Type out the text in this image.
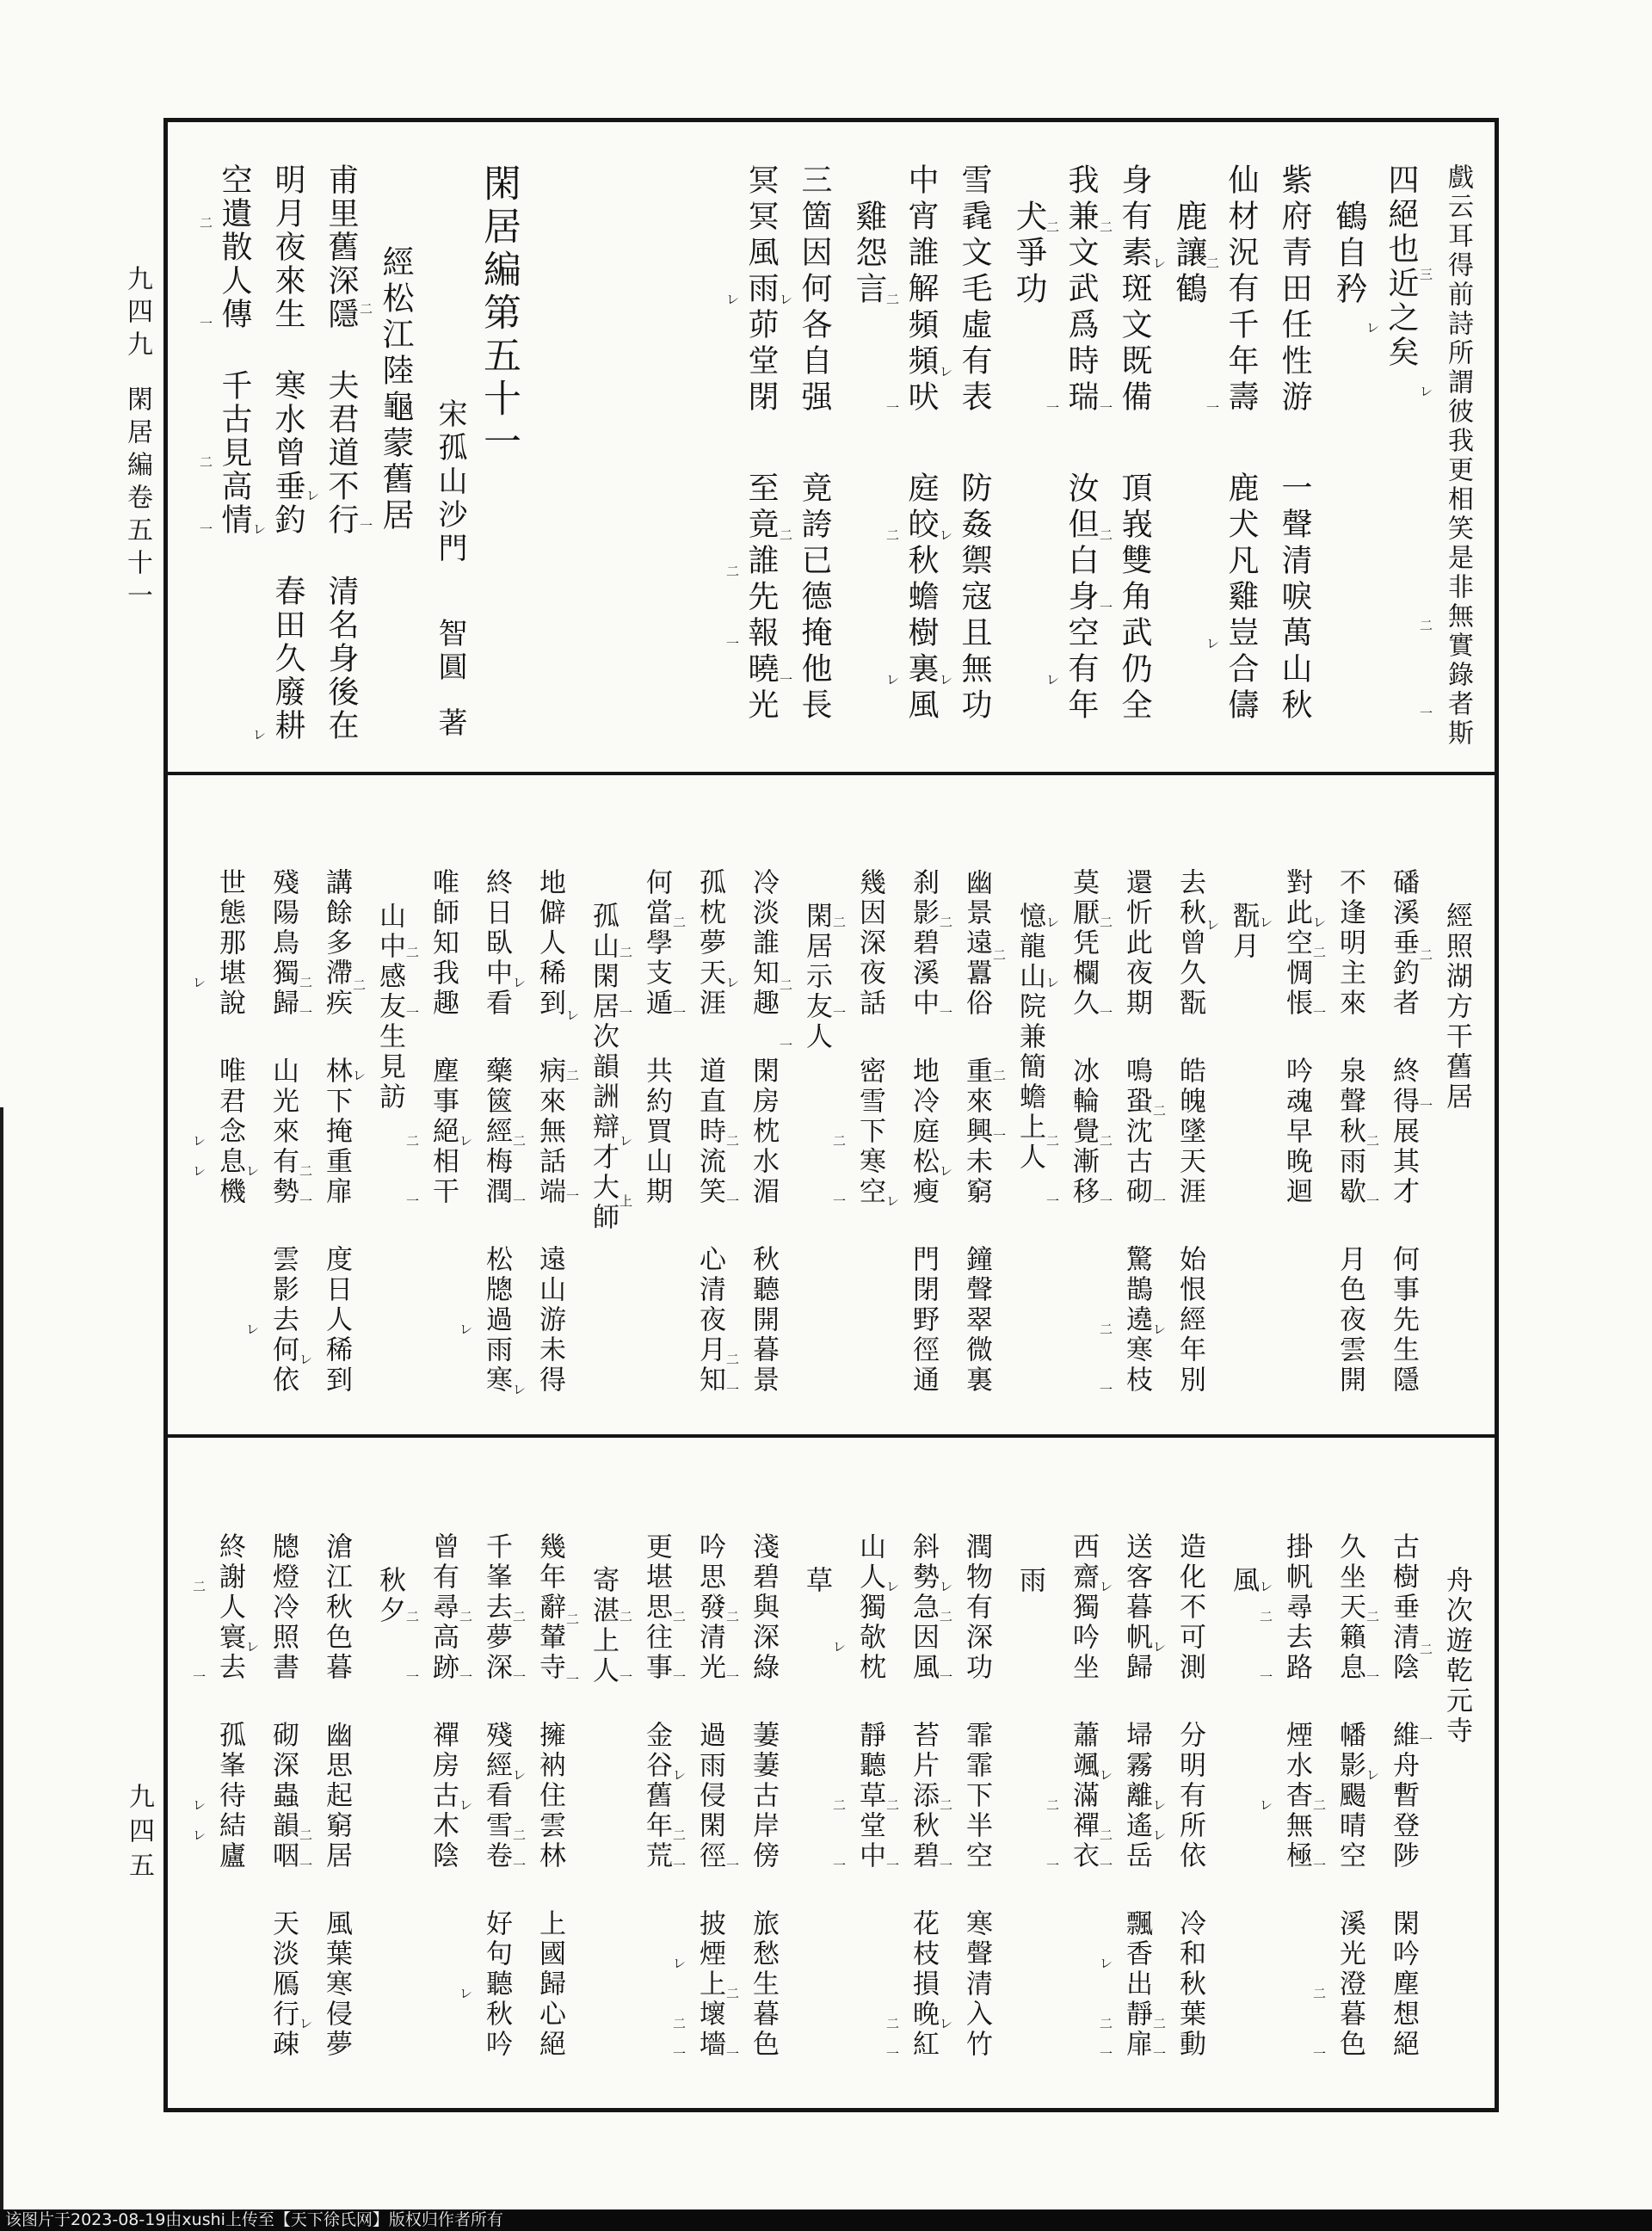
九四九閑居編卷五十一
九四五
戲云耳得前詩所謂彼我更相笑是非無實錄者斯
三
レ
二
一
四絕也近之矣
レ
鶴自矜
紫府青田任性游一聲清唳萬山秋
仙材況有千年壽鹿犬凡雞豈合儔
二
一
レ
鹿讓鶴
レ
身有素斑文既備頂峩雙角武仍全
二
一
二
一
我兼文武爲時瑞汝但白身空有年
二
一
レ
犬爭功
雪毳文毛虛有表防姦禦寇且無功
レ
レ
レ
中宵誰解頻頻吠庭皎秋蟾樹裏風
二
一
二
レ
雞怨言
三箇因何各自强竟誇已德掩他長
レ
二
一
冥冥風雨茆堂閉至竟誰先報曉光
レ
二
一
閑居編第五十一
宋孤山沙門智圓著
經松江陸龜蒙舊居
二
一
甫里舊深隱夫君道不行清名身後在
レ
明月夜來生寒水曾垂釣春田久廢耕
レ
レ
空遺散人傳千古見高情
二
一
二
一
經照湖方干舊居
二
一
磻溪垂釣者終得展其才何事先生隱
二
一
不逢明主來泉聲秋雨歇月色夜雲開
レ
二
一
對此空惆悵吟魂早晚迴
レ
翫月
レ
去秋曾久翫皓魄墜天涯始恨經年別
二
一
レ
還忻此夜期鳴蛩沈古砌驚鵲遶寒枝
二
一
二
一
二
一
莫厭凭欄久冰輪覺漸移
レ
レ
二
一
憶龍山院兼簡蟾上人
二
二
一
幽景遠囂俗重來興未窮鐘聲翠微裏
二
一
レ
刹影碧溪中地冷庭松瘦門閉野徑通
レ
幾因深夜話密雪下寒空
二
一
二
一
閑居示友人
二
一
冷淡誰知趣閑房枕水湄秋聽開暮景
レ
二
一
二
一
孤枕夢天涯道直時流笑心清夜月知
二
一
何當學支遁共約買山期
二
一
レ
上
孤山閑居次韻詶辯才大師
レ
二
一
地僻人稀到病來無話端遠山游未得
レ
二
一
レ
終日臥中看藥篋經梅潤松牕過雨寒
レ
レ
唯師知我趣塵事絕相干
二
一
二
一
山中感友生見訪
二
レ
講餘多滯疾林下掩重扉度日人稀到
二
一
二
一
レ
殘陽鳥獨歸山光來有勢雲影去何依
レ
レ
世態那堪說唯君念息機
レ
レ
レ
舟次遊乾元寺
二
一
古樹垂清陰維舟暫登陟閑吟塵想絕
二
一
レ
久坐天籟息幡影颺晴空溪光澄暮色
二
一
二
一
掛帆尋去路煙水杳無極
レ
二
一
レ
風
造化不可測分明有所依冷和秋葉動
レ
レ
レ
二
一
送客暮帆歸埽霧離遙岳飄香出靜扉
レ
レ
二
一
レ
二
一
西齋獨吟坐蕭颯滿禪衣
二
一
雨
潤物有深功霏霏下半空寒聲清入竹
レ
二
一
二
一
レ
斜勢急因風苔片添秋碧花枝損晚紅
レ
二
一
二
一
山人獨欹枕靜聽草堂中
レ
二
一
草
淺碧與深綠萋萋古岸傍旅愁生暮色
二
一
一
二
一
吟思發清光過雨侵閑徑披煙上壞墻
二
一
レ
二
一
レ
二
一
更堪思往事金谷舊年荒
二
一
寄湛上人
二
一
幾年辭輦寺擁衲住雲林上國歸心絕
二
一
レ
二
一
千峯去夢深殘經看雪卷好句聽秋吟
二
一
レ
レ
曾有尋高跡禪房古木陰
二
一
秋夕
滄江秋色暮幽思起窮居風葉寒侵夢
二
一
レ
牕燈冷照書砌深蟲韻咽天淡鴈行疎
レ
終謝人寰去孤峯待結廬
二
一
レ
レ
该图片于2023-08-19由xushi上传至【天下徐氏网】版权归作者所有
